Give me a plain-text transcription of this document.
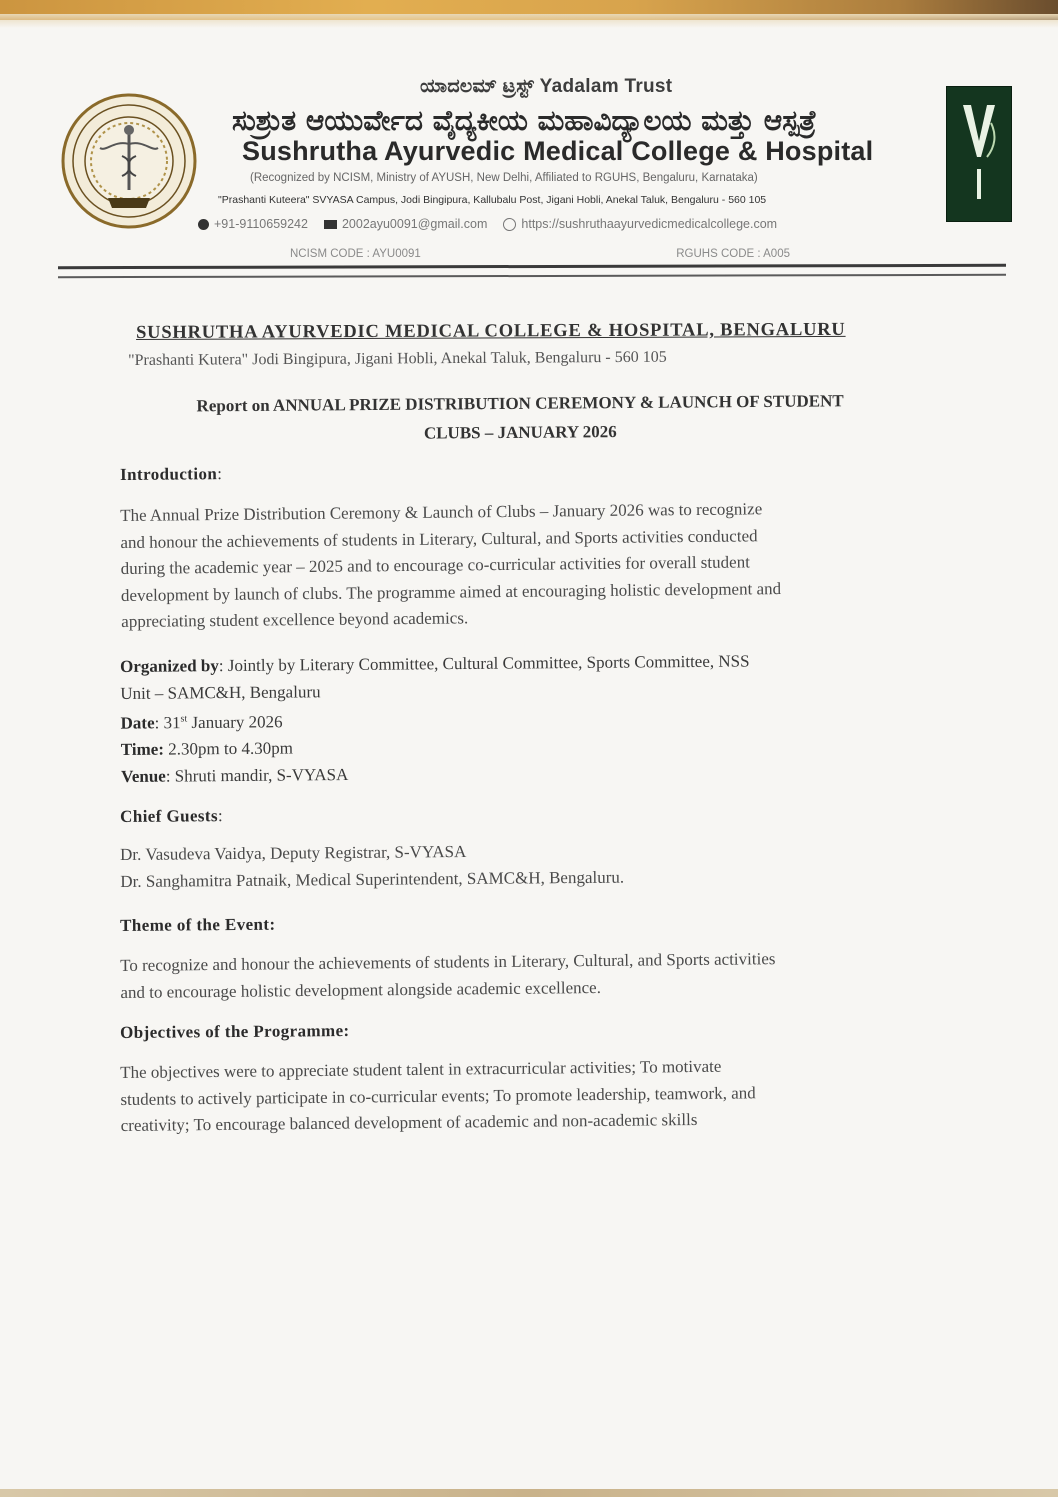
ಯಾದಲಮ್ ಟ್ರಸ್ಟ್ Yadalam Trust
ಸುಶ್ರುತ ಆಯುರ್ವೇದ ವೈದ್ಯಕೀಯ ಮಹಾವಿದ್ಯಾಲಯ ಮತ್ತು ಆಸ್ಪತ್ರೆ
Sushrutha Ayurvedic Medical College & Hospital
(Recognized by NCISM, Ministry of AYUSH, New Delhi, Affiliated to RGUHS, Bengaluru, Karnataka)
"Prashanti Kuteera" SVYASA Campus, Jodi Bingipura, Kallubalu Post, Jigani Hobli, Anekal Taluk, Bengaluru - 560 105
+91-9110659242	2002ayu0091@gmail.com	https://sushruthaayurvedicmedicalcollege.com
NCISM CODE : AYU0091	RGUHS CODE : A005
SUSHRUTHA AYURVEDIC MEDICAL COLLEGE & HOSPITAL, BENGALURU
"Prashanti Kutera" Jodi Bingipura, Jigani Hobli, Anekal Taluk, Bengaluru - 560 105
Report on ANNUAL PRIZE DISTRIBUTION CEREMONY & LAUNCH OF STUDENT
CLUBS – JANUARY 2026
Introduction:
The Annual Prize Distribution Ceremony & Launch of Clubs – January 2026 was to recognize
and honour the achievements of students in Literary, Cultural, and Sports activities conducted
during the academic year – 2025 and to encourage co-curricular activities for overall student
development by launch of clubs. The programme aimed at encouraging holistic development and
appreciating student excellence beyond academics.
Organized by: Jointly by Literary Committee, Cultural Committee, Sports Committee, NSS
Unit – SAMC&H, Bengaluru
Date: 31st January 2026
Time: 2.30pm to 4.30pm
Venue: Shruti mandir, S-VYASA
Chief Guests:
Dr. Vasudeva Vaidya, Deputy Registrar, S-VYASA
Dr. Sanghamitra Patnaik, Medical Superintendent, SAMC&H, Bengaluru.
Theme of the Event:
To recognize and honour the achievements of students in Literary, Cultural, and Sports activities
and to encourage holistic development alongside academic excellence.
Objectives of the Programme:
The objectives were to appreciate student talent in extracurricular activities; To motivate
students to actively participate in co-curricular events; To promote leadership, teamwork, and
creativity; To encourage balanced development of academic and non-academic skills
